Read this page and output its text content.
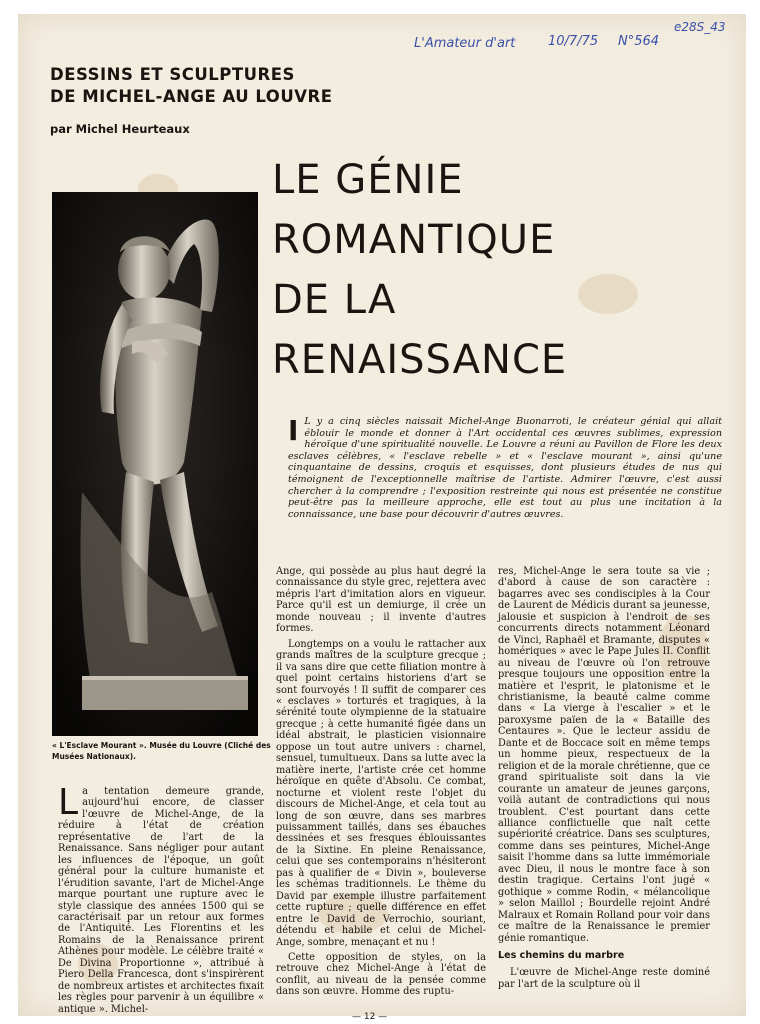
e28S_43
L'Amateur d'art	10/7/75 N°564
DESSINS ET SCULPTURES
DE MICHEL-ANGE AU LOUVRE
par Michel Heurteaux
LE GÉNIE
ROMANTIQUE
DE LA
RENAISSANCE
« L'Esclave Mourant ». Musée du Louvre (Cliché des Musées Nationaux).
I L y a cinq siècles naissait Michel-Ange Buonarroti, le créateur génial qui allait éblouir le monde et donner à l'Art occidental ces œuvres sublimes, expression héroïque d'une spiritualité nouvelle. Le Louvre a réuni au Pavillon de Flore les deux esclaves célèbres, « l'esclave rebelle » et « l'esclave mourant », ainsi qu'une cinquantaine de dessins, croquis et esquisses, dont plusieurs études de nus qui témoignent de l'exceptionnelle maîtrise de l'artiste. Admirer l'œuvre, c'est aussi chercher à la comprendre ; l'exposition restreinte qui nous est présentée ne constitue peut-être pas la meilleure approche, elle est tout au plus une incitation à la connaissance, une base pour découvrir d'autres œuvres.

La tentation demeure grande, aujourd'hui encore, de classer l'œuvre de Michel-Ange, de la réduire à l'état de création représentative de l'art de la Renaissance. Sans négliger pour autant les influences de l'époque, un goût général pour la culture humaniste et l'érudition savante, l'art de Michel-Ange marque pourtant une rupture avec le style classique des années 1500 qui se caractérisait par un retour aux formes de l'Antiquité. Les Florentins et les Romains de la Renaissance prirent Athènes pour modèle. Le célèbre traité « De Divina Proportionne », attribué à Piero Della Francesca, dont s'inspirèrent de nombreux artistes et architectes fixait les règles pour parvenir à un équilibre « antique ». Michel-

Ange, qui possède au plus haut degré la connaissance du style grec, rejettera avec mépris l'art d'imitation alors en vigueur. Parce qu'il est un demiurge, il crée un monde nouveau ; il invente d'autres formes.

Longtemps on a voulu le rattacher aux grands maîtres de la sculpture grecque ; il va sans dire que cette filiation montre à quel point certains historiens d'art se sont fourvoyés ! Il suffit de comparer ces « esclaves » torturés et tragiques, à la sérénité toute olympienne de la statuaire grecque ; à cette humanité figée dans un idéal abstrait, le plasticien visionnaire oppose un tout autre univers : charnel, sensuel, tumultueux. Dans sa lutte avec la matière inerte, l'artiste crée cet homme héroïque en quête d'Absolu. Ce combat, nocturne et violent reste l'objet du discours de Michel-Ange, et cela tout au long de son œuvre, dans ses marbres puissamment taillés, dans ses ébauches dessinées et ses fresques éblouissantes de la Sixtine. En pleine Renaissance, celui que ses contemporains n'hésiteront pas à qualifier de « Divin », bouleverse les schémas traditionnels. Le thème du David par exemple illustre parfaitement cette rupture ; quelle différence en effet entre le David de Verrochio, souriant, détendu et habile et celui de Michel-Ange, sombre, menaçant et nu !

Cette opposition de styles, on la retrouve chez Michel-Ange à l'état de conflit, au niveau de la pensée comme dans son œuvre. Homme des ruptu-

res, Michel-Ange le sera toute sa vie ; d'abord à cause de son caractère : bagarres avec ses condisciples à la Cour de Laurent de Médicis durant sa jeunesse, jalousie et suspicion à l'endroit de ses concurrents directs notamment Léonard de Vinci, Raphaël et Bramante, disputes « homériques » avec le Pape Jules II. Conflit au niveau de l'œuvre où l'on retrouve presque toujours une opposition entre la matière et l'esprit, le platonisme et le christianisme, la beauté calme comme dans « La vierge à l'escalier » et le paroxysme païen de la « Bataille des Centaures ». Que le lecteur assidu de Dante et de Boccace soit en même temps un homme pieux, respectueux de la religion et de la morale chrétienne, que ce grand spiritualiste soit dans la vie courante un amateur de jeunes garçons, voilà autant de contradictions qui nous troublent. C'est pourtant dans cette alliance conflictuelle que naît cette supériorité créatrice. Dans ses sculptures, comme dans ses peintures, Michel-Ange saisit l'homme dans sa lutte immémoriale avec Dieu, il nous le montre face à son destin tragique. Certains l'ont jugé « gothique » comme Rodin, « mélancolique » selon Maillol ; Bourdelle rejoint André Malraux et Romain Rolland pour voir dans ce maître de la Renaissance le premier génie romantique.

Les chemins du marbre

L'œuvre de Michel-Ange reste dominé par l'art de la sculpture où il

— 12 —
